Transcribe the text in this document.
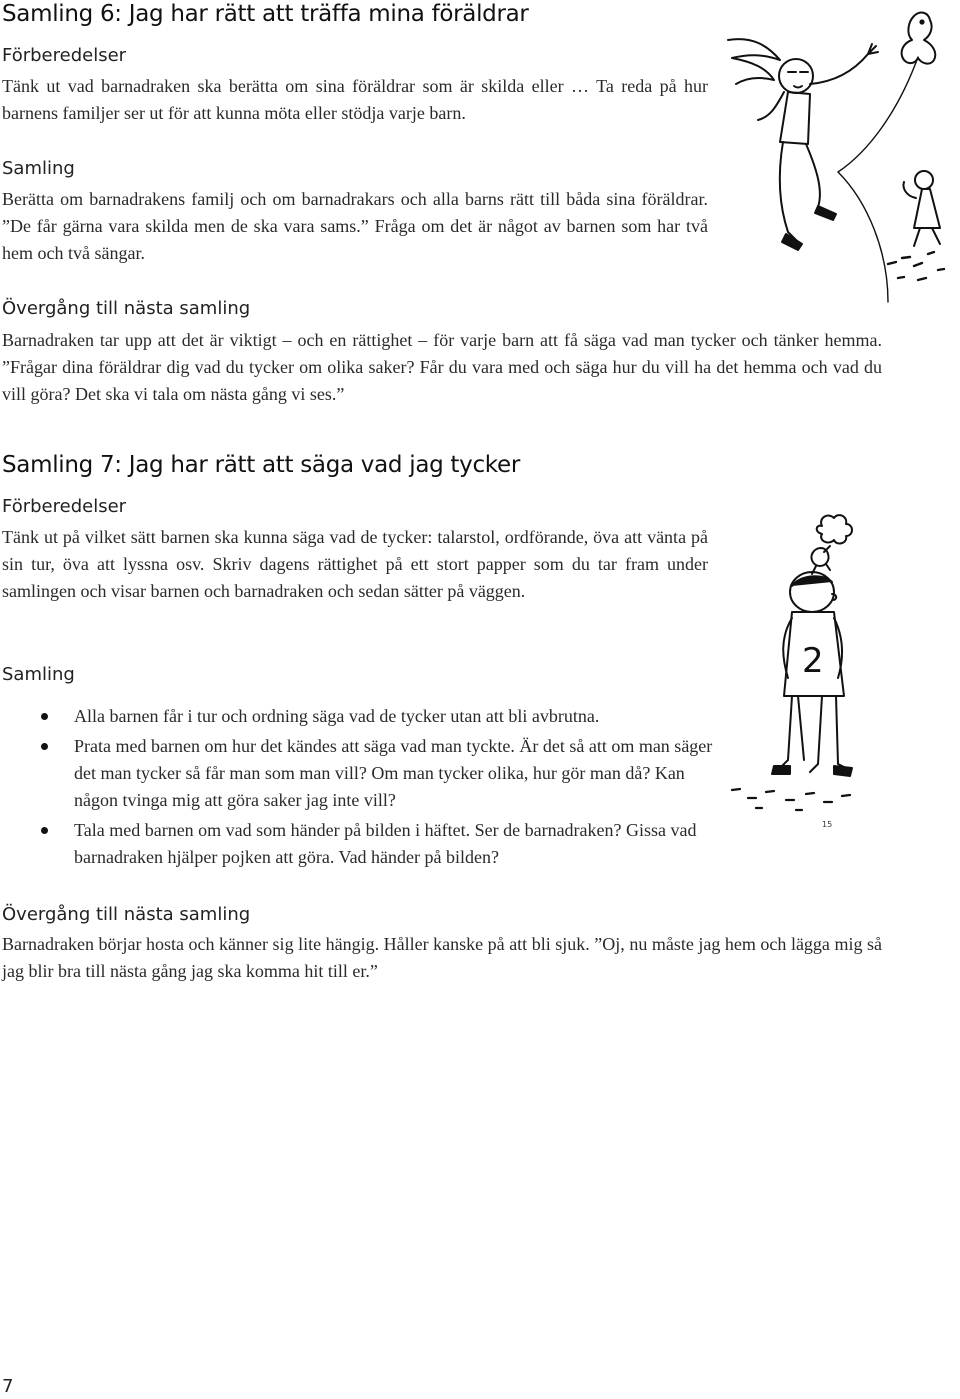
Samling 6: Jag har rätt att träffa mina föräldrar
Förberedelser

Tänk ut vad barnadraken ska berätta om sina föräldrar som är skilda eller … Ta reda på hur barnens familjer ser ut för att kunna möta eller stödja varje barn.

Samling

Berätta om barnadrakens familj och om barnadrakars och alla barns rätt till båda sina föräldrar. ”De får gärna vara skilda men de ska vara sams.” Fråga om det är något av barnen som har två hem och två sängar.

Övergång till nästa samling

Barnadraken tar upp att det är viktigt – och en rättighet – för varje barn att få säga vad man tycker och tänker hemma. ”Frågar dina föräldrar dig vad du tycker om olika saker? Får du vara med och säga hur du vill ha det hemma och vad du vill göra? Det ska vi tala om nästa gång vi ses.”

Samling 7: Jag har rätt att säga vad jag tycker
Förberedelser

Tänk ut på vilket sätt barnen ska kunna säga vad de tycker: talarstol, ordförande, öva att vänta på sin tur, öva att lyssna osv. Skriv dagens rättighet på ett stort papper som du tar fram under samlingen och visar barnen och barnadraken och sedan sätter på väggen.

Samling
Alla barnen får i tur och ordning säga vad de tycker utan att bli avbrutna.
Prata med barnen om hur det kändes att säga vad man tyckte. Är det så att om man säger det man tycker så får man som man vill? Om man tycker olika, hur gör man då? Kan någon tvinga mig att göra saker jag inte vill?
Tala med barnen om vad som händer på bilden i häftet. Ser de barnadraken? Gissa vad barnadraken hjälper pojken att göra. Vad händer på bilden?
2
15
Övergång till nästa samling

Barnadraken börjar hosta och känner sig lite hängig. Håller kanske på att bli sjuk. ”Oj, nu måste jag hem och lägga mig så jag blir bra till nästa gång jag ska komma hit till er.”

7
